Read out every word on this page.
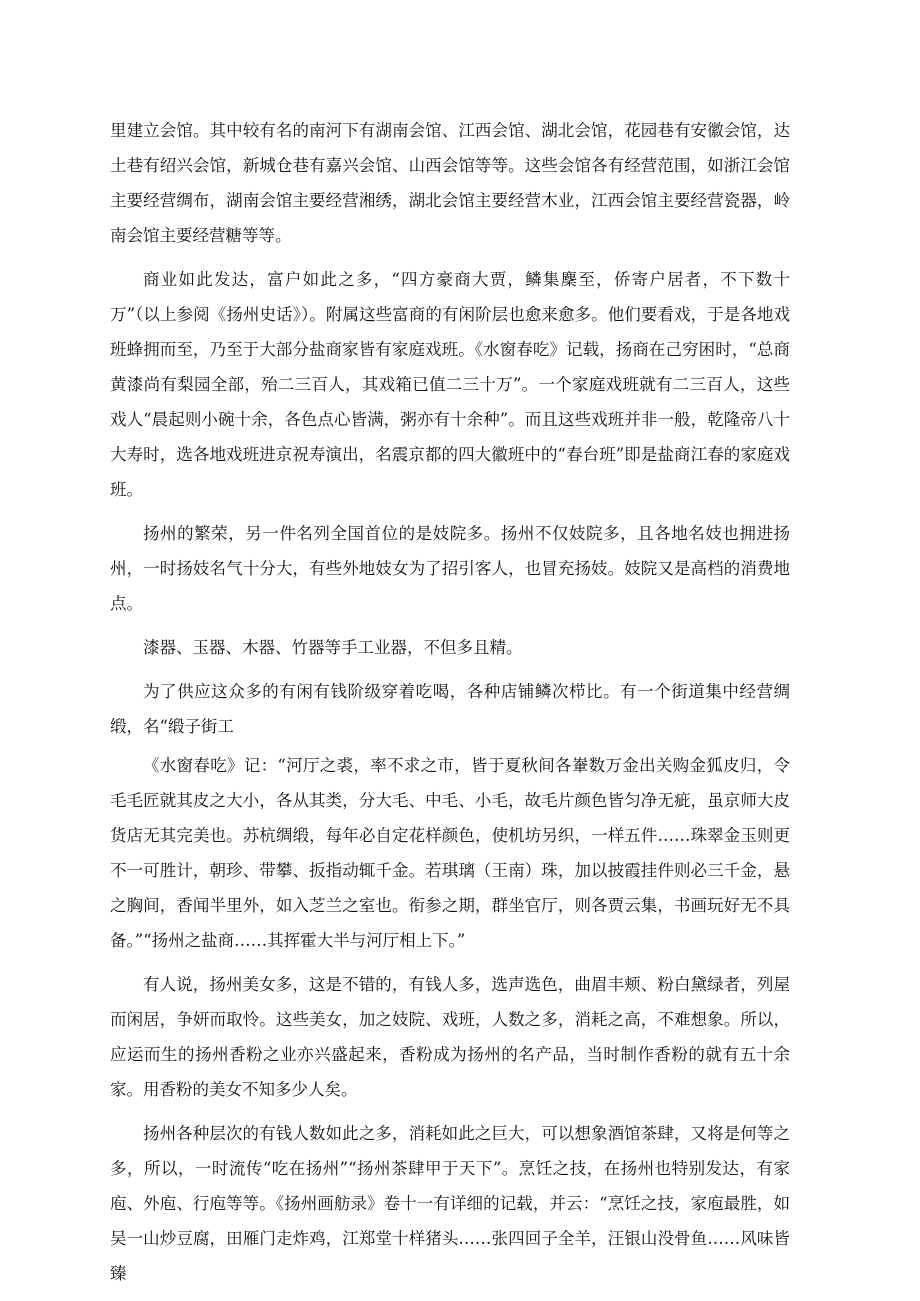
里建立会馆。其中较有名的南河下有湖南会馆、江西会馆、湖北会馆，花园巷有安徽会馆，达土巷有绍兴会馆，新城仓巷有嘉兴会馆、山西会馆等等。这些会馆各有经营范围，如浙江会馆主要经营绸布，湖南会馆主要经营湘绣，湖北会馆主要经营木业，江西会馆主要经营瓷器，岭南会馆主要经营糖等等。

商业如此发达，富户如此之多，“四方豪商大贾，鳞集麇至，侨寄户居者，不下数十万”（以上参阅《扬州史话》）。附属这些富商的有闲阶层也愈来愈多。他们要看戏，于是各地戏班蜂拥而至，乃至于大部分盐商家皆有家庭戏班。《水窗春吃》记载，扬商在己穷困时，“总商黄漆尚有梨园全部，殆二三百人，其戏箱已值二三十万”。一个家庭戏班就有二三百人，这些戏人“晨起则小碗十余，各色点心皆满，粥亦有十余种”。而且这些戏班并非一般，乾隆帝八十大寿时，选各地戏班进京祝寿演出，名震京都的四大徽班中的“春台班”即是盐商江春的家庭戏班。

扬州的繁荣，另一件名列全国首位的是妓院多。扬州不仅妓院多，且各地名妓也拥进扬州，一时扬妓名气十分大，有些外地妓女为了招引客人，也冒充扬妓。妓院又是高档的消费地点。

漆器、玉器、木器、竹器等手工业器，不但多且精。

为了供应这众多的有闲有钱阶级穿着吃喝，各种店铺鳞次栉比。有一个街道集中经营绸缎，名“缎子街工

《水窗春吃》记：“河厅之裘，率不求之市，皆于夏秋间各輋数万金出关购金狐皮归，令毛毛匠就其皮之大小，各从其类，分大毛、中毛、小毛，故毛片颜色皆匀净无疵，虽京师大皮货店无其完美也。苏杭绸缎，每年必自定花样颜色，使机坊另织，一样五件……珠翠金玉则更不一可胜计，朝珍、带攀、扳指动辄千金。若琪璃（王南）珠，加以披霞挂件则必三千金，悬之胸间，香闻半里外，如入芝兰之室也。衔参之期，群坐官厅，则各贾云集，书画玩好无不具备。”“扬州之盐商……其挥霍大半与河厅相上下。”

有人说，扬州美女多，这是不错的，有钱人多，选声选色，曲眉丰颊、粉白黛绿者，列屋而闲居，争妍而取怜。这些美女，加之妓院、戏班，人数之多，消耗之高，不难想象。所以，应运而生的扬州香粉之业亦兴盛起来，香粉成为扬州的名产品，当时制作香粉的就有五十余家。用香粉的美女不知多少人矣。

扬州各种层次的有钱人数如此之多，消耗如此之巨大，可以想象酒馆茶肆，又将是何等之多，所以，一时流传“吃在扬州”“扬州茶肆甲于天下”。烹饪之技，在扬州也特别发达，有家庖、外庖、行庖等等。《扬州画舫录》卷十一有详细的记载，并云：“烹饪之技，家庖最胜，如吴一山炒豆腐，田雁门走炸鸡，江郑堂十样猪头……张四回子全羊，汪银山没骨鱼……风味皆臻
